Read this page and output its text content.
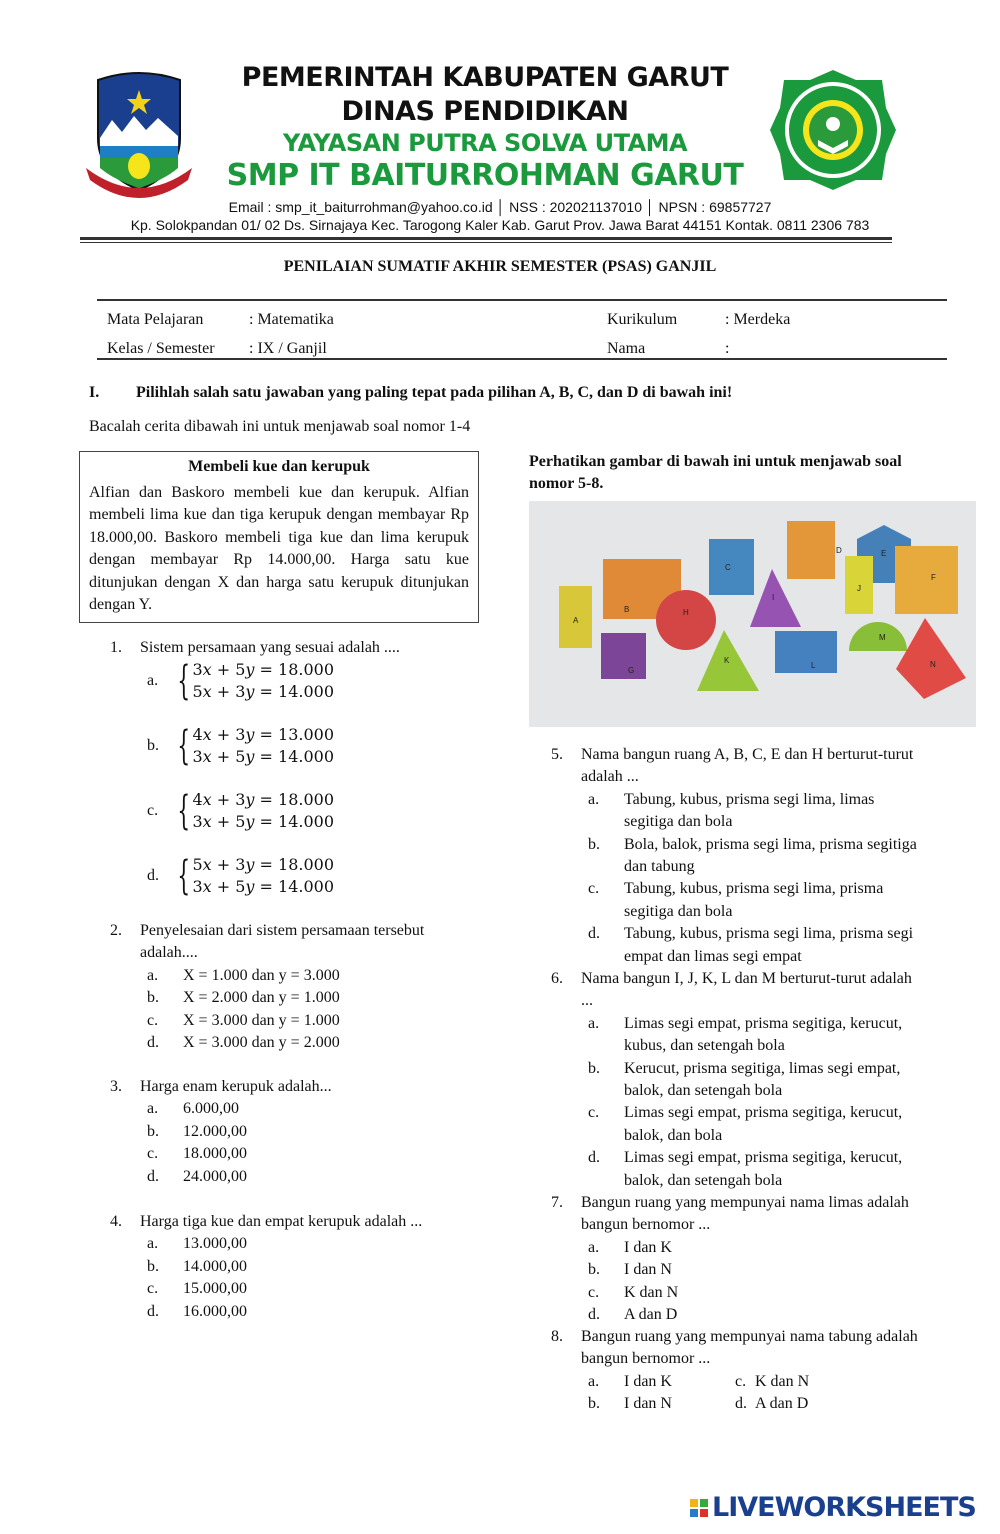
PEMERINTAH KABUPATEN GARUT
DINAS PENDIDIKAN
YAYASAN PUTRA SOLVA UTAMA
SMP IT BAITURROHMAN GARUT
Email : smp_it_baiturrohman@yahoo.co.id │ NSS : 202021137010 │ NPSN : 69857727
Kp. Solokpandan 01/ 02 Ds. Sirnajaya Kec. Tarogong Kaler Kab. Garut Prov. Jawa Barat 44151 Kontak. 0811 2306 783
PENILAIAN SUMATIF AKHIR SEMESTER (PSAS) GANJIL
Mata Pelajaran	: Matematika	Kurikulum	: Merdeka
Kelas / Semester : IX / Ganjil	Nama	:
I. Pilihlah salah satu jawaban yang paling tepat pada pilihan A, B, C, dan D di bawah ini!
Bacalah cerita dibawah ini untuk menjawab soal nomor 1-4
Membeli kue dan kerupuk

Alfian dan Baskoro membeli kue dan kerupuk. Alfian membeli lima kue dan tiga kerupuk dengan membayar Rp 18.000,00. Baskoro membeli tiga kue dan lima kerupuk dengan membayar Rp 14.000,00. Harga satu kue ditunjukan dengan X dan harga satu kerupuk ditunjukan dengan Y.

Perhatikan gambar di bawah ini untuk menjawab soal nomor 5-8.
A
B
C
D	E
F
G
H
I
J
K
L
M
N
1.	Sistem persamaan yang sesuai adalah ....
a. { 3𝑥 + 5𝑦 = 18.000
5𝑥 + 3𝑦 = 14.000
b. { 4𝑥 + 3𝑦 = 13.000
3𝑥 + 5𝑦 = 14.000
c. { 4𝑥 + 3𝑦 = 18.000
3𝑥 + 5𝑦 = 14.000
d. { 5𝑥 + 3𝑦 = 18.000
3𝑥 + 5𝑦 = 14.000
2.	Penyelesaian dari sistem persamaan tersebut adalah....
a.	X = 1.000 dan y = 3.000
b.	X = 2.000 dan y = 1.000
c.	X = 3.000 dan y = 1.000
d.	X = 3.000 dan y = 2.000
3.	Harga enam kerupuk adalah...
a.	6.000,00
b.	12.000,00
c.	18.000,00
d.	24.000,00
4.	Harga tiga kue dan empat kerupuk adalah ...
a.	13.000,00
b.	14.000,00
c.	15.000,00
d.	16.000,00
5.	Nama bangun ruang A, B, C, E dan H berturut-turut adalah ...
a.	Tabung, kubus, prisma segi lima, limas segitiga dan bola
b.	Bola, balok, prisma segi lima, prisma segitiga dan tabung
c.	Tabung, kubus, prisma segi lima, prisma segitiga dan bola
d.	Tabung, kubus, prisma segi lima, prisma segi empat dan limas segi empat
6.	Nama bangun I, J, K, L dan M berturut-turut adalah ...
a.	Limas segi empat, prisma segitiga, kerucut, kubus, dan setengah bola
b.	Kerucut, prisma segitiga, limas segi empat, balok, dan setengah bola
c.	Limas segi empat, prisma segitiga, kerucut, balok, dan bola
d.	Limas segi empat, prisma segitiga, kerucut, balok, dan setengah bola
7.	Bangun ruang yang mempunyai nama limas adalah bangun bernomor ...
a.	I dan K
b.	I dan N
c.	K dan N
d.	A dan D
8.	Bangun ruang yang mempunyai nama tabung adalah bangun bernomor ...
a.	I dan K	c. K dan N
b.	I dan N	d. A dan D
LIVEWORKSHEETS
